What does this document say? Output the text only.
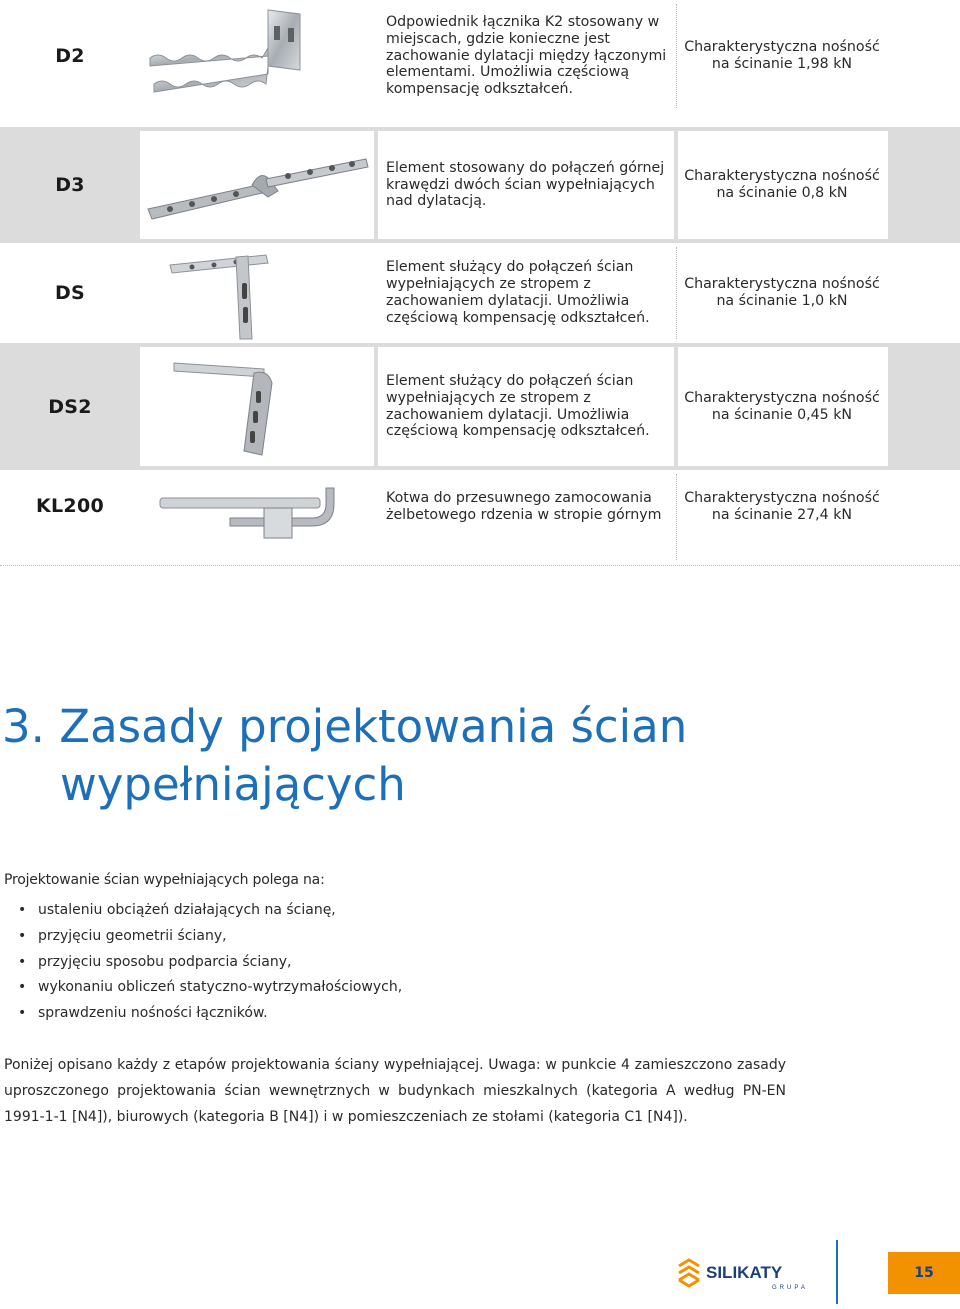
D2
Odpowiednik łącznika K2 stosowany w miejscach, gdzie konieczne jest zachowanie dylatacji między łączonymi elementami. Umożliwia częściową kompensację odkształceń.
Charakterystyczna nośność
na ścinanie 1,98 kN
D3
Element stosowany do połączeń górnej krawędzi dwóch ścian wypełniających nad dylatacją.
Charakterystyczna nośność
na ścinanie 0,8 kN
DS
Element służący do połączeń ścian wypełniających ze stropem z zachowaniem dylatacji. Umożliwia częściową kompensację odkształceń.
Charakterystyczna nośność
na ścinanie 1,0 kN
DS2
Element służący do połączeń ścian wypełniających ze stropem z zachowaniem dylatacji. Umożliwia częściową kompensację odkształceń.
Charakterystyczna nośność
na ścinanie 0,45 kN
KL200	Kotwa do przesuwnego zamocowania żelbetowego rdzenia w stropie górnym
Charakterystyczna nośność
na ścinanie 27,4 kN
3. Zasady projektowania ścian
wypełniających
Projektowanie ścian wypełniających polega na:
• ustaleniu obciążeń działających na ścianę,
• przyjęciu geometrii ściany,
• przyjęciu sposobu podparcia ściany,
• wykonaniu obliczeń statyczno-wytrzymałościowych,
• sprawdzeniu nośności łączników.

Poniżej opisano każdy z etapów projektowania ściany wypełniającej. Uwaga: w punkcie 4 zamieszczono zasady uproszczonego projektowania ścian wewnętrznych w budynkach mieszkalnych (kategoria A według PN-EN 1991-1-1 [N4]), biurowych (kategoria B [N4]) i w pomieszczeniach ze stołami (kategoria C1 [N4]).

SILIKATY
GRUPA
15
